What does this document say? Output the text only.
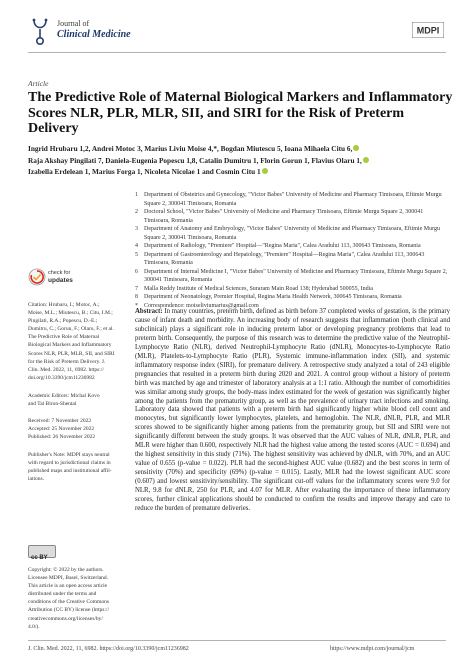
Journal of
Clinical Medicine	MDPI
Article
The Predictive Role of Maternal Biological Markers and Inflammatory Scores NLR, PLR, MLR, SII, and SIRI for the Risk of Preterm Delivery
Ingrid Hrubaru 1,2, Andrei Motoc 3, Marius Liviu Moise 4,*, Bogdan Miutescu 5, Ioana Mihaela Citu 6,
Raja Akshay Pingilati 7, Daniela-Eugenia Popescu 1,8, Catalin Dumitru 1, Florin Gorun 1, Flavius Olaru 1,
Izabella Erdelean 1, Marius Forga 1, Nicoleta Nicolae 1 and Cosmin Citu 1
1	Department of Obstetrics and Gynecology, "Victor Babes" University of Medicine and Pharmacy Timisoara, Eftimie Murgu Square 2, 300041 Timisoara, Romania
2	Doctoral School, "Victor Babes" University of Medicine and Pharmacy Timisoara, Eftimie Murgu Square 2, 300041 Timisoara, Romania
3	Department of Anatomy and Embryology, "Victor Babes" University of Medicine and Pharmacy Timisoara, Eftimie Murgu Square 2, 300041 Timisoara, Romania
4	Department of Radiology, "Premiere" Hospital—"Regina Maria", Calea Aradului 113, 300643 Timisoara, Romania
5	Department of Gastroenterology and Hepatology, "Premiere" Hospital—Regina Maria", Calea Aradului 113, 300643 Timisoara, Romania
6	Department of Internal Medicine I, "Victor Babes" University of Medicine and Pharmacy Timisoara, Eftimie Murgu Square 2, 300041 Timisoara, Romania
7	Malla Reddy Institute of Medical Sciences, Suraram Main Road 138; Hyderabad 500055, India
8	Department of Neonatology, Premier Hospital, Regina Maria Health Network, 300645 Timisoara, Romania
*	Correspondence: moiseliviumarius@gmail.com
check for
updates
Citation: Hrubaru, I.; Motoc, A.;
Moise, M.L.; Miutescu, B.; Citu, I.M.;
Pingilati, R.A.; Popescu, D.-E.;
Dumitru, C.; Gorun, F.; Olaru, F.; et al.
The Predictive Role of Maternal
Biological Markers and Inflammatory
Scores NLR, PLR, MLR, SII, and SIRI
for the Risk of Preterm Delivery. J.
Clin. Med. 2022, 11, 6982. https://
doi.org/10.3390/jcm11236982
Academic Editors: Michal Kovo
and Tal Biron-Shental
Received: 7 November 2022
Accepted: 25 November 2022
Published: 26 November 2022
Publisher's Note: MDPI stays neutral
with regard to jurisdictional claims in
published maps and institutional affil-
iations.
cc BY
Copyright: © 2022 by the authors.
Licensee MDPI, Basel, Switzerland.
This article is an open access article
distributed under the terms and
conditions of the Creative Commons
Attribution (CC BY) license (https://
creativecommons.org/licenses/by/
4.0/).
Abstract: In many countries, preterm birth, defined as birth before 37 completed weeks of gestation, is the primary cause of infant death and morbidity. An increasing body of research suggests that inflammation (both clinical and subclinical) plays a significant role in inducing preterm labor or developing pregnancy problems that lead to preterm birth. Consequently, the purpose of this research was to determine the predictive value of the Neutrophil-Lymphocyte Ratio (NLR), derived Neutrophil-Lymphocyte Ratio (dNLR), Monocytes-to-Lymphocyte Ratio (MLR), Platelets-to-Lymphocyte Ratio (PLR), Systemic immune-inflammation index (SII), and systemic inflammatory response index (SIRI), for premature delivery. A retrospective study analyzed a total of 243 eligible pregnancies that resulted in a preterm birth during 2020 and 2021. A control group without a history of preterm birth was matched by age and trimester of laboratory analysis at a 1:1 ratio. Although the number of comorbidities was similar among study groups, the body-mass index estimated for the week of gestation was significantly higher among the patients from the prematurity group, as well as the prevalence of urinary tract infections and smoking. Laboratory data showed that patients with a preterm birth had significantly higher white blood cell count and monocytes, but significantly lower lymphocytes, platelets, and hemoglobin. The NLR, dNLR, PLR, and MLR scores showed to be significantly higher among patients from the prematurity group, but SII and SIRI were not significantly different between the study groups. It was observed that the AUC values of NLR, dNLR, PLR, and MLR were higher than 0.600, respectively NLR had the highest value among the tested scores (AUC = 0.694) and the highest sensitivity in this study (71%). The highest sensitivity was achieved by dNLR, with 70%, and an AUC value of 0.655 (p-value = 0.022). PLR had the second-highest AUC value (0.682) and the best scores in term of sensitivity (70%) and specificity (69%) (p-value = 0.015). Lastly, MLR had the lowest significant AUC score (0.607) and lowest sensitivity/sensibility. The significant cut-off values for the inflammatory scores were 9.0 for NLR, 9.8 for dNLR, 250 for PLR, and 4.07 for MLR. After evaluating the importance of these inflammatory scores, further clinical applications should be conducted to confirm the results and improve therapy and care to reduce the burden of premature deliveries.
J. Clin. Med. 2022, 11, 6982. https://doi.org/10.3390/jcm11236982	https://www.mdpi.com/journal/jcm
